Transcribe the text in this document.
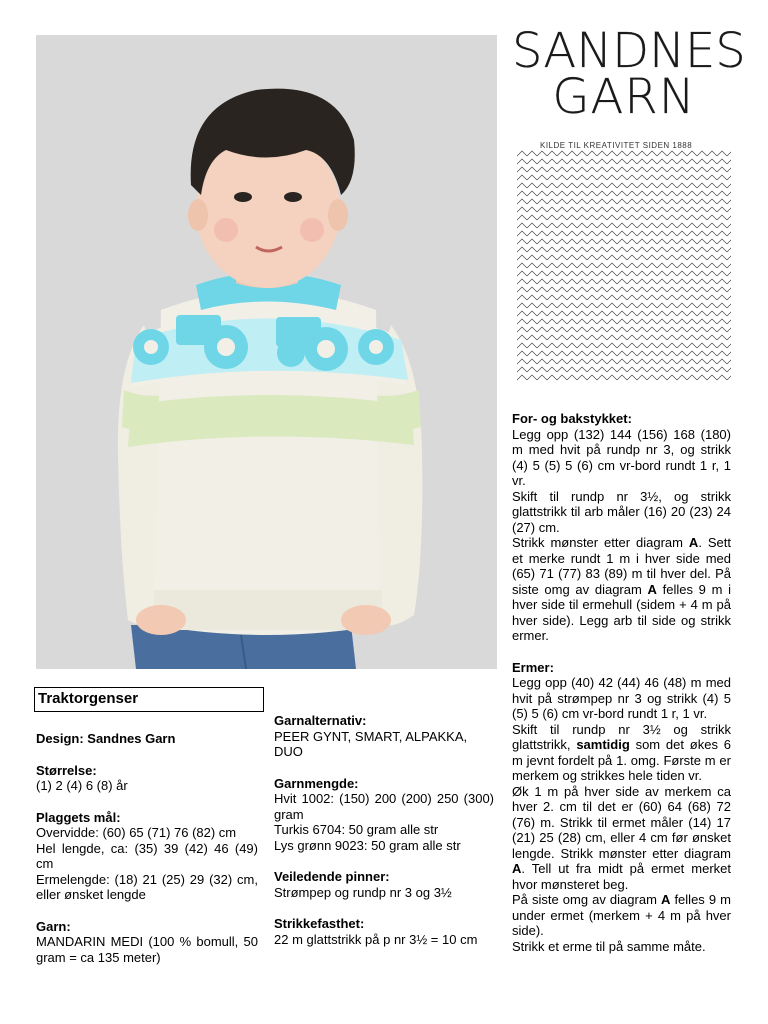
SANDNES
GARN
KILDE TIL KREATIVITET SIDEN 1888
Traktorgenser

Design: Sandnes Garn

Størrelse:

(1) 2 (4) 6 (8) år

Plaggets mål:

Overvidde: (60) 65 (71) 76 (82) cm

Hel lengde, ca: (35) 39 (42) 46 (49) cm

Ermelengde: (18) 21 (25) 29 (32) cm, eller ønsket lengde

Garn:

MANDARIN MEDI (100 % bomull, 50 gram = ca 135 meter)

Garnalternativ:

PEER GYNT, SMART, ALPAKKA, DUO

Garnmengde:

Hvit 1002: (150) 200 (200) 250 (300) gram

Turkis 6704: 50 gram alle str

Lys grønn 9023: 50 gram alle str

Veiledende pinner:

Strømpep og rundp nr 3 og 3½

Strikkefasthet:

22 m glattstrikk på p nr 3½ = 10 cm

For- og bakstykket:

Legg opp (132) 144 (156) 168 (180) m med hvit på rundp nr 3, og strikk (4) 5 (5) 5 (6) cm vr-bord rundt 1 r, 1 vr.

Skift til rundp nr 3½, og strikk glattstrikk til arb måler (16) 20 (23) 24 (27) cm.

Strikk mønster etter diagram A. Sett et merke rundt 1 m i hver side med (65) 71 (77) 83 (89) m til hver del. På siste omg av diagram A felles 9 m i hver side til ermehull (sidem + 4 m på hver side). Legg arb til side og strikk ermer.

Ermer:

Legg opp (40) 42 (44) 46 (48) m med hvit på strømpep nr 3 og strikk (4) 5 (5) 5 (6) cm vr-bord rundt 1 r, 1 vr.

Skift til rundp nr 3½ og strikk glattstrikk, samtidig som det økes 6 m jevnt fordelt på 1. omg. Første m er merkem og strikkes hele tiden vr.

Øk 1 m på hver side av merkem ca hver 2. cm til det er (60) 64 (68) 72 (76) m. Strikk til ermet måler (14) 17 (21) 25 (28) cm, eller 4 cm før ønsket lengde. Strikk mønster etter diagram A. Tell ut fra midt på ermet merket hvor mønsteret beg.

På siste omg av diagram A felles 9 m under ermet (merkem + 4 m på hver side).

Strikk et erme til på samme måte.
